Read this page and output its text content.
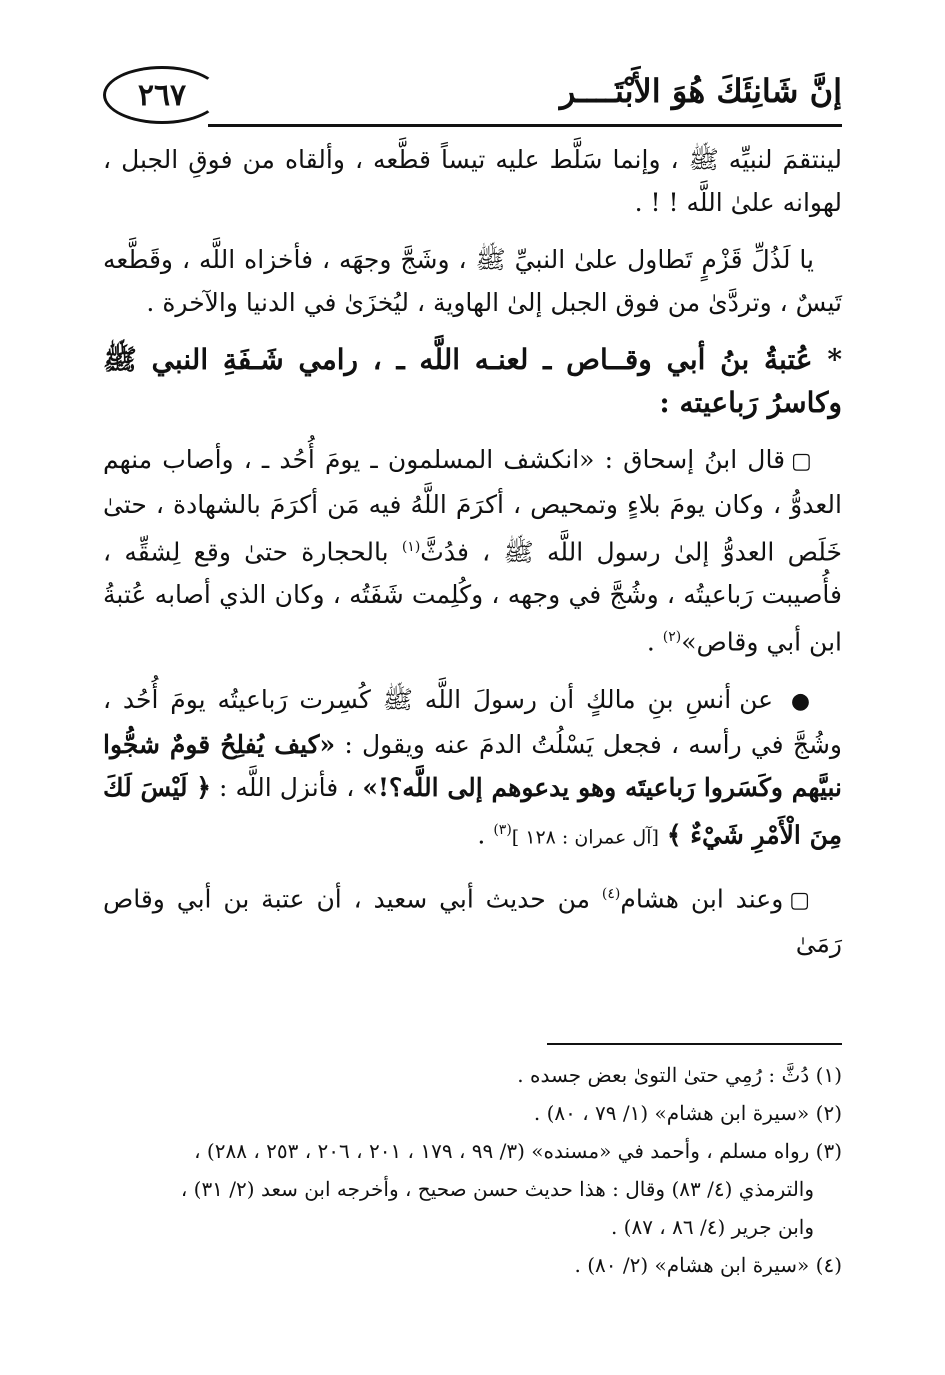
٢٦٧	إنَّ شَانِئَكَ هُوَ الأَبْتَــــر

لينتقمَ لنبيِّه ﷺ ، وإنما سَلَّط عليه تيساً قطَّعه ، وألقاه من فوقِ الجبل ، لهوانه علىٰ اللَّه ! ! .

يا لَذُلِّ قَزْمٍ تَطاول علىٰ النبيِّ ﷺ ، وشَجَّ وجهَه ، فأخزاه اللَّه ، وقَطَّعه تَيسٌ ، وتردَّىٰ من فوق الجبل إلىٰ الهاوية ، ليُخزَىٰ في الدنيا والآخرة .

* عُتبةُ بنُ أبي وقــاص ـ لعنـه اللَّه ـ ، رامي شَـفَةِ النبي ﷺ وكاسرُ رَباعيته :

▢قال ابنُ إسحاق : «انكشف المسلمون ـ يومَ أُحُد ـ ، وأصاب منهم العدوُّ ، وكان يومَ بلاءٍ وتمحيص ، أكرَمَ اللَّهُ فيه مَن أكرَمَ بالشهادة ، حتىٰ خَلَص العدوُّ إلىٰ رسول اللَّه ﷺ ، فدُثَّ$^{(١)}$ بالحجارة حتىٰ وقع لِشقِّه ، فأُصيبت رَباعيتُه ، وشُجَّ في وجهه ، وكُلِمت شَفَتُه ، وكان الذي أصابه عُتبةُ ابن أبي وقاص»$^{(٢)}$ .

● عن أنسِ بنِ مالكٍ أن رسولَ اللَّه ﷺ كُسِرت رَباعيتُه يومَ أُحُد ، وشُجَّ في رأسه ، فجعل يَسْلُتُ الدمَ عنه ويقول : «كيف يُفلِحُ قومٌ شجُّوا نبيَّهم وكَسَروا رَباعيتَه وهو يدعوهم إلى اللَّه؟!» ، فأنزل اللَّه : ﴿ لَيْسَ لَكَ مِنَ الْأَمْرِ شَيْءٌ ﴾ [آل عمران : ١٢٨ ]$^{(٣)}$ .

▢وعند ابن هشام$^{(٤)}$ من حديث أبي سعيد ، أن عتبة بن أبي وقاص رَمَىٰ

(١) دُثَّ : رُمِي حتىٰ التوىٰ بعض جسده .

(٢) «سيرة ابن هشام» (١/ ٧٩ ، ٨٠) .

(٣) رواه مسلم ، وأحمد في «مسنده» (٣/ ٩٩ ، ١٧٩ ، ٢٠١ ، ٢٠٦ ، ٢٥٣ ، ٢٨٨) ،

والترمذي (٤/ ٨٣) وقال : هذا حديث حسن صحيح ، وأخرجه ابن سعد (٢/ ٣١) ،

وابن جرير (٤/ ٨٦ ، ٨٧) .

(٤) «سيرة ابن هشام» (٢/ ٨٠) .
